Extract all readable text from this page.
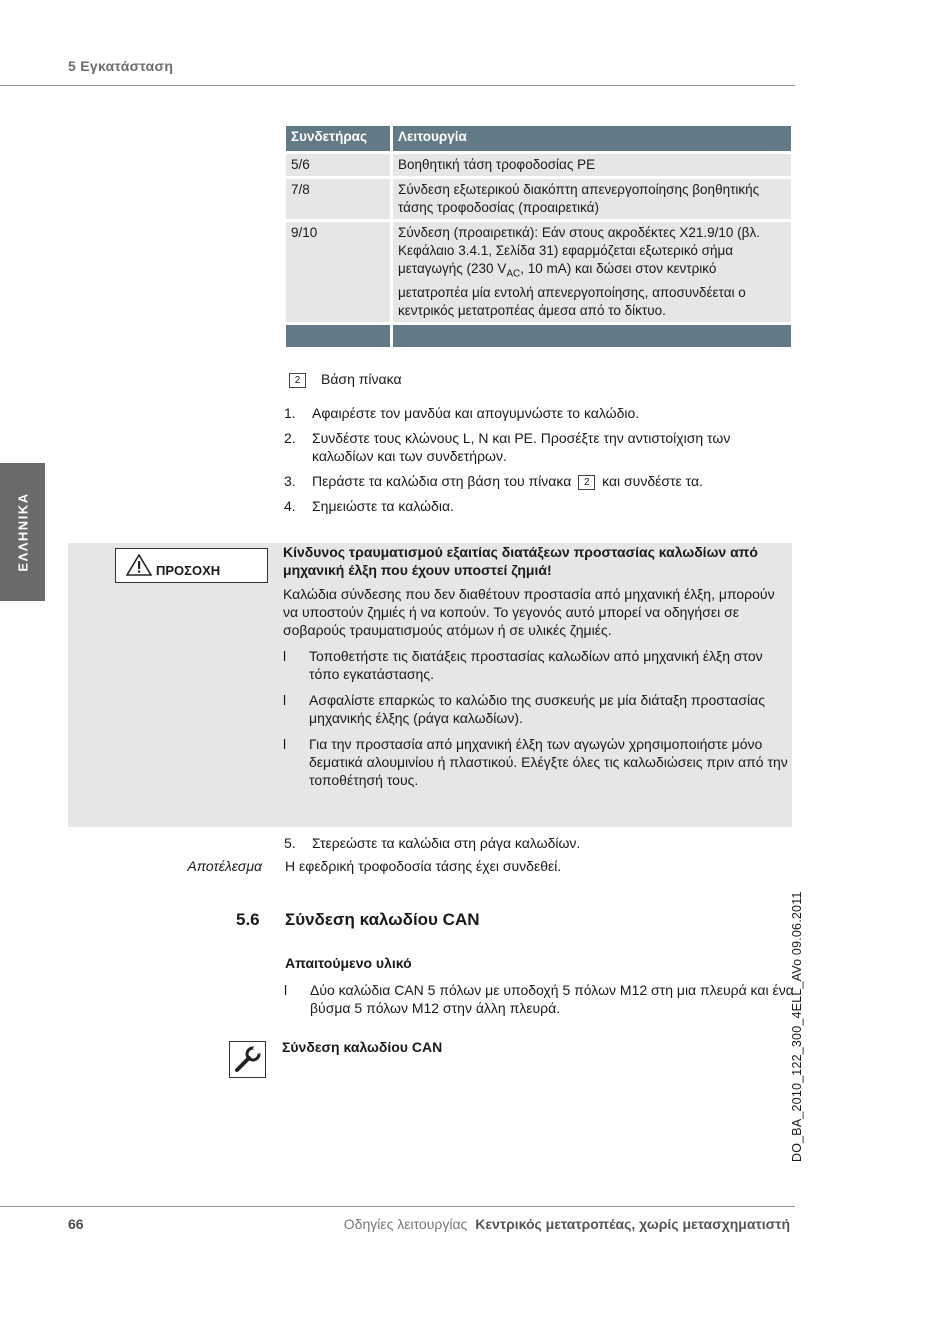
5 Εγκατάσταση
Συνδετήρας	Λειτουργία
5/6	Βοηθητική τάση τροφοδοσίας PE
7/8	Σύνδεση εξωτερικού διακόπτη απενεργοποίησης βοηθητικής τάσης τροφοδοσίας (προαιρετικά)
9/10	Σύνδεση (προαιρετικά): Εάν στους ακροδέκτες X21.9/10 (βλ. Κεφάλαιο 3.4.1, Σελίδα 31) εφαρμόζεται εξωτερικό σήμα μεταγωγής (230 $V_{AC}$, 10 mA) και δώσει στον κεντρικό μετατροπέα μία εντολή απενεργοποίησης, αποσυνδέεται ο κεντρικός μετατροπέας άμεσα από το δίκτυο.

2 Βάση πίνακα
1. Αφαιρέστε τον μανδύα και απογυμνώστε το καλώδιο.
2. Συνδέστε τους κλώνους L, N και PE. Προσέξτε την αντιστοίχιση των καλωδίων και των συνδετήρων.
3. Περάστε τα καλώδια στη βάση του πίνακα 2 και συνδέστε τα.
4. Σημειώστε τα καλώδια.
ΕΛΛΗΝΙΚΑ	ΠΡΟΣΟΧΗ
Κίνδυνος τραυματισμού εξαιτίας διατάξεων προστασίας καλωδίων από μηχανική έλξη που έχουν υποστεί ζημιά!
Καλώδια σύνδεσης που δεν διαθέτουν προστασία από μηχανική έλξη, μπορούν να υποστούν ζημιές ή να κοπούν. Το γεγονός αυτό μπορεί να οδηγήσει σε σοβαρούς τραυματισμούς ατόμων ή σε υλικές ζημιές.
l Τοποθετήστε τις διατάξεις προστασίας καλωδίων από μηχανική έλξη στον τόπο εγκατάστασης.
l Ασφαλίστε επαρκώς το καλώδιο της συσκευής με μία διάταξη προστασίας μηχανικής έλξης (ράγα καλωδίων).
l Για την προστασία από μηχανική έλξη των αγωγών χρησιμοποιήστε μόνο δεματικά αλουμινίου ή πλαστικού. Ελέγξτε όλες τις καλωδιώσεις πριν από την τοποθέτησή τους.
5. Στερεώστε τα καλώδια στη ράγα καλωδίων.
Αποτέλεσμα Η εφεδρική τροφοδοσία τάσης έχει συνδεθεί.
5.6 Σύνδεση καλωδίου CAN
Απαιτούμενο υλικό
l Δύο καλώδια CAN 5 πόλων με υποδοχή 5 πόλων M12 στη μια πλευρά και ένα βύσμα 5 πόλων M12 στην άλλη πλευρά.
Σύνδεση καλωδίου CAN	DO_BA_2010_122_300_4ELL_AVo 09.06.2011
66	Οδηγίες λειτουργίας Κεντρικός μετατροπέας, χωρίς μετασχηματιστή
